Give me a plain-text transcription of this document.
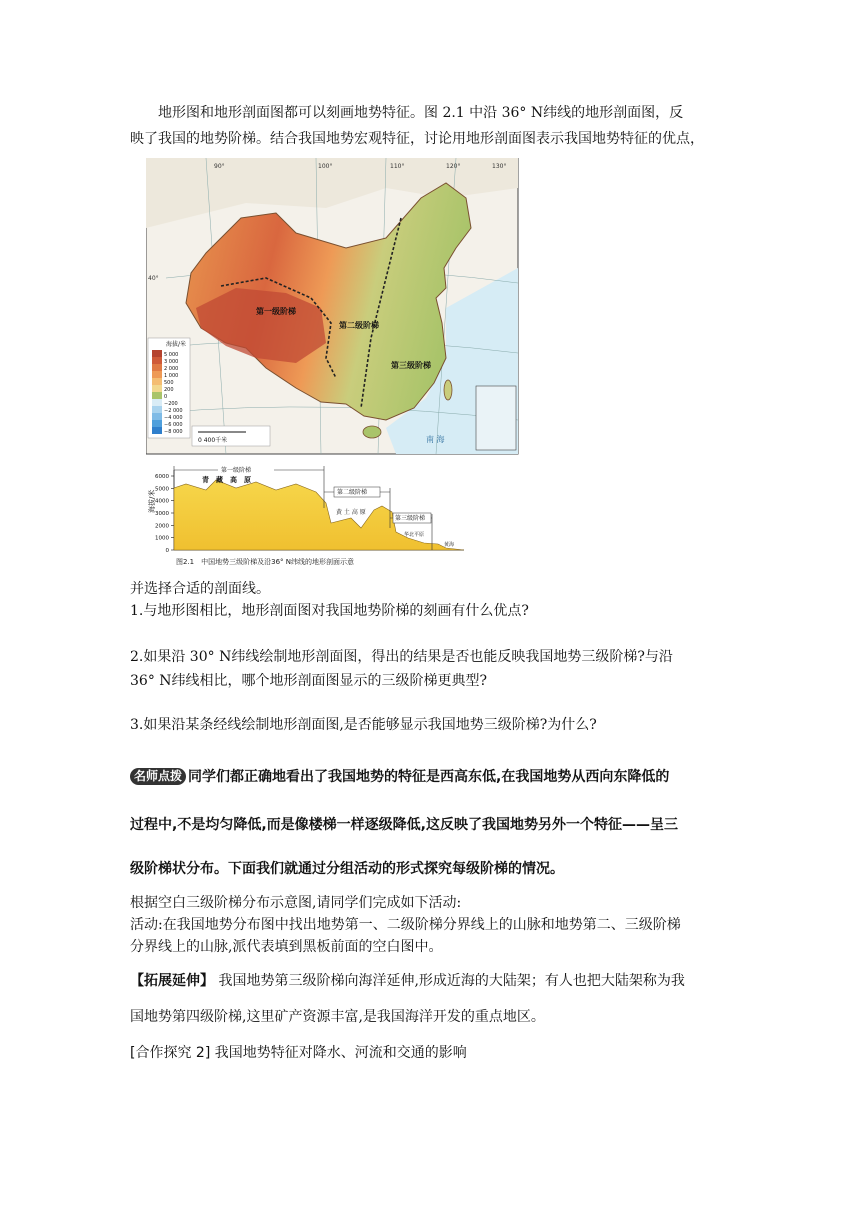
地形图和地形剖面图都可以刻画地势特征。图 2.1 中沿 36° N纬线的地形剖面图，反
映了我国的地势阶梯。结合我国地势宏观特征，讨论用地形剖面图表示我国地势特征的优点，
第一级阶梯
第二级阶梯
第三级阶梯
南 海
90°	100°	110°	120°	130°
40°
海拔/米
5 000
3 000
2 000
1 000
500
200
0
−200
−2 000
−4 000
−6 000
−8 000
0 400千米
海拔/米
6000
5000
4000
3000
2000
1000
0
第一级阶梯
第二级阶梯
第三级阶梯
青　藏　高　原
黄 土 高 原
华北平原
黄海
图2.1　中国地势三级阶梯及沿36° N纬线的地形剖面示意
并选择合适的剖面线。
1.与地形图相比，地形剖面图对我国地势阶梯的刻画有什么优点?
2.如果沿 30° N纬线绘制地形剖面图，得出的结果是否也能反映我国地势三级阶梯?与沿
36° N纬线相比，哪个地形剖面图显示的三级阶梯更典型?
3.如果沿某条经线绘制地形剖面图,是否能够显示我国地势三级阶梯?为什么?
名师点拨 同学们都正确地看出了我国地势的特征是西高东低,在我国地势从西向东降低的
过程中,不是均匀降低,而是像楼梯一样逐级降低,这反映了我国地势另外一个特征——呈三
级阶梯状分布。下面我们就通过分组活动的形式探究每级阶梯的情况。
根据空白三级阶梯分布示意图,请同学们完成如下活动:
活动:在我国地势分布图中找出地势第一、二级阶梯分界线上的山脉和地势第二、三级阶梯
分界线上的山脉,派代表填到黑板前面的空白图中。
【拓展延伸】 我国地势第三级阶梯向海洋延伸,形成近海的大陆架；有人也把大陆架称为我
国地势第四级阶梯,这里矿产资源丰富,是我国海洋开发的重点地区。
[合作探究 2] 我国地势特征对降水、河流和交通的影响
